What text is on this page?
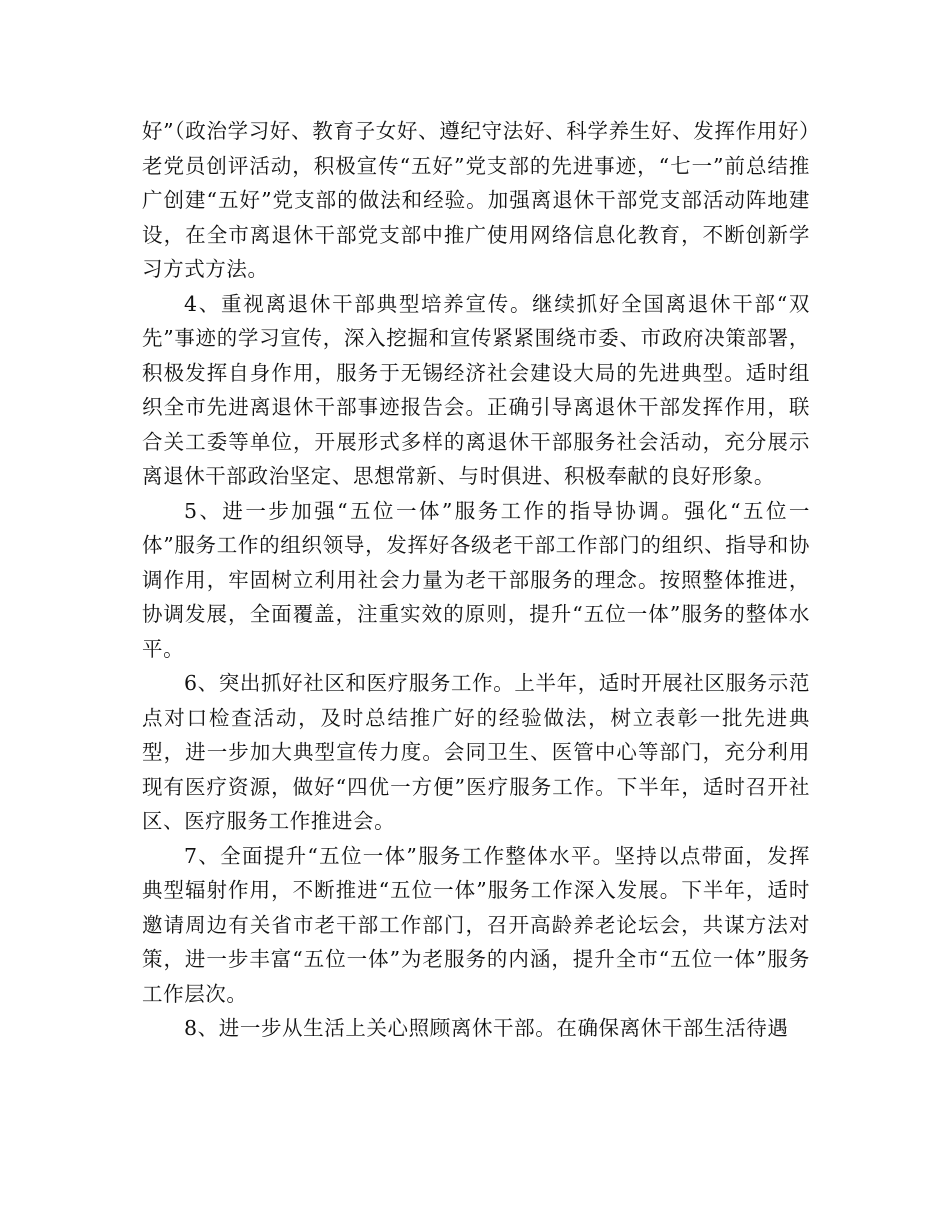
好”（政治学习好、教育子女好、遵纪守法好、科学养生好、发挥作用好）老党员创评活动，积极宣传“五好”党支部的先进事迹，“七一”前总结推广创建“五好”党支部的做法和经验。加强离退休干部党支部活动阵地建设，在全市离退休干部党支部中推广使用网络信息化教育，不断创新学习方式方法。

4、重视离退休干部典型培养宣传。继续抓好全国离退休干部“双先”事迹的学习宣传，深入挖掘和宣传紧紧围绕市委、市政府决策部署，积极发挥自身作用，服务于无锡经济社会建设大局的先进典型。适时组织全市先进离退休干部事迹报告会。正确引导离退休干部发挥作用，联合关工委等单位，开展形式多样的离退休干部服务社会活动，充分展示离退休干部政治坚定、思想常新、与时俱进、积极奉献的良好形象。

5、进一步加强“五位一体”服务工作的指导协调。强化“五位一体”服务工作的组织领导，发挥好各级老干部工作部门的组织、指导和协调作用，牢固树立利用社会力量为老干部服务的理念。按照整体推进，协调发展，全面覆盖，注重实效的原则，提升“五位一体”服务的整体水平。

6、突出抓好社区和医疗服务工作。上半年，适时开展社区服务示范点对口检查活动，及时总结推广好的经验做法，树立表彰一批先进典型，进一步加大典型宣传力度。会同卫生、医管中心等部门，充分利用现有医疗资源，做好“四优一方便”医疗服务工作。下半年，适时召开社区、医疗服务工作推进会。

7、全面提升“五位一体”服务工作整体水平。坚持以点带面，发挥典型辐射作用，不断推进“五位一体”服务工作深入发展。下半年，适时邀请周边有关省市老干部工作部门，召开高龄养老论坛会，共谋方法对策，进一步丰富“五位一体”为老服务的内涵，提升全市“五位一体”服务工作层次。

8、进一步从生活上关心照顾离休干部。在确保离休干部生活待遇
